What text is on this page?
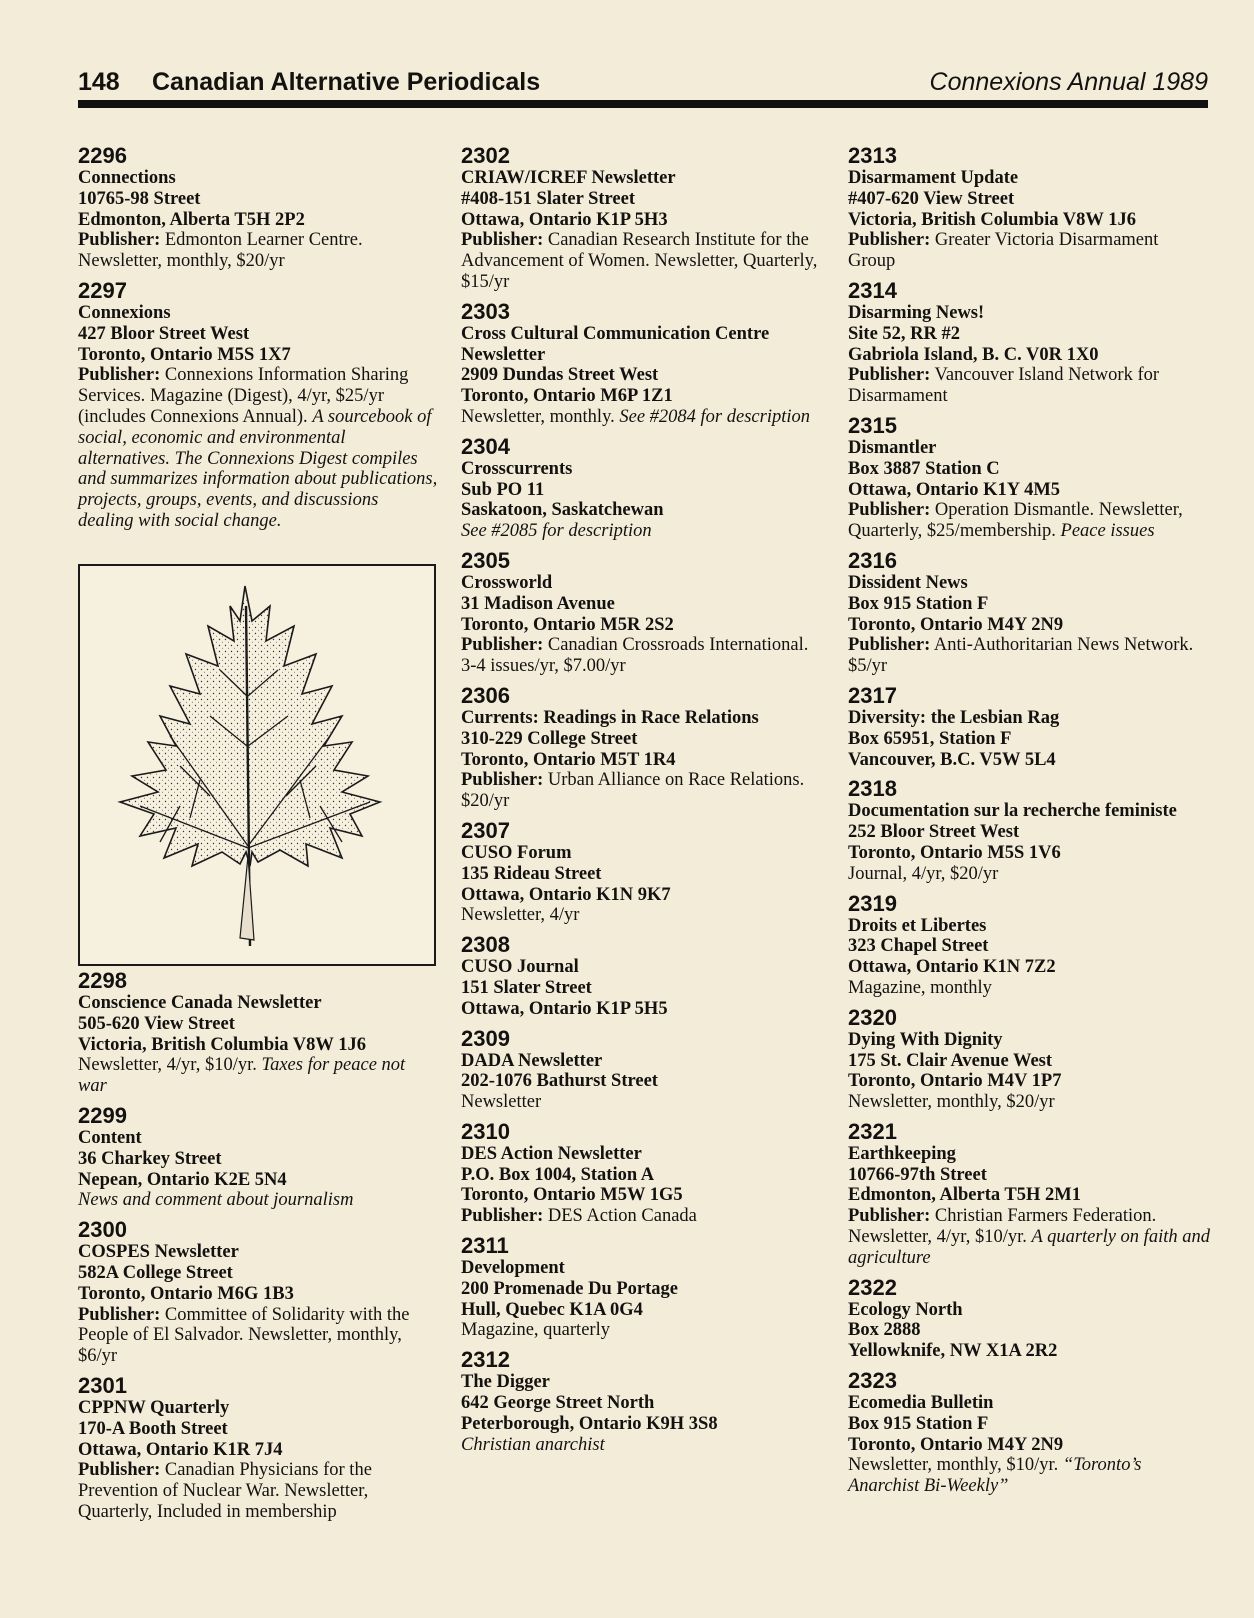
148 Canadian Alternative Periodicals	Connexions Annual 1989
2296
Connections
10765-98 Street
Edmonton, Alberta T5H 2P2
Publisher: Edmonton Learner Centre. Newsletter, monthly, $20/yr
2297
Connexions
427 Bloor Street West
Toronto, Ontario M5S 1X7
Publisher: Connexions Information Sharing Services. Magazine (Digest), 4/yr, $25/yr (includes Connexions Annual). A sourcebook of social, economic and environmental alternatives. The Connexions Digest compiles and summarizes information about publications, projects, groups, events, and discussions dealing with social change.
2298
Conscience Canada Newsletter
505-620 View Street
Victoria, British Columbia V8W 1J6
Newsletter, 4/yr, $10/yr. Taxes for peace not war
2299
Content
36 Charkey Street
Nepean, Ontario K2E 5N4
News and comment about journalism
2300
COSPES Newsletter
582A College Street
Toronto, Ontario M6G 1B3
Publisher: Committee of Solidarity with the People of El Salvador. Newsletter, monthly, $6/yr
2301
CPPNW Quarterly
170-A Booth Street
Ottawa, Ontario K1R 7J4
Publisher: Canadian Physicians for the Prevention of Nuclear War. Newsletter, Quarterly, Included in membership
2302
CRIAW/ICREF Newsletter
#408-151 Slater Street
Ottawa, Ontario K1P 5H3
Publisher: Canadian Research Institute for the Advancement of Women. Newsletter, Quarterly, $15/yr
2303
Cross Cultural Communication Centre Newsletter
2909 Dundas Street West
Toronto, Ontario M6P 1Z1
Newsletter, monthly. See #2084 for description
2304
Crosscurrents
Sub PO 11
Saskatoon, Saskatchewan
See #2085 for description
2305
Crossworld
31 Madison Avenue
Toronto, Ontario M5R 2S2
Publisher: Canadian Crossroads International. 3-4 issues/yr, $7.00/yr
2306
Currents: Readings in Race Relations
310-229 College Street
Toronto, Ontario M5T 1R4
Publisher: Urban Alliance on Race Relations. $20/yr
2307
CUSO Forum
135 Rideau Street
Ottawa, Ontario K1N 9K7
Newsletter, 4/yr
2308
CUSO Journal
151 Slater Street
Ottawa, Ontario K1P 5H5
2309
DADA Newsletter
202-1076 Bathurst Street
Newsletter
2310
DES Action Newsletter
P.O. Box 1004, Station A
Toronto, Ontario M5W 1G5
Publisher: DES Action Canada
2311
Development
200 Promenade Du Portage
Hull, Quebec K1A 0G4
Magazine, quarterly
2312
The Digger
642 George Street North
Peterborough, Ontario K9H 3S8
Christian anarchist
2313
Disarmament Update
#407-620 View Street
Victoria, British Columbia V8W 1J6
Publisher: Greater Victoria Disarmament Group
2314
Disarming News!
Site 52, RR #2
Gabriola Island, B. C. V0R 1X0
Publisher: Vancouver Island Network for Disarmament
2315
Dismantler
Box 3887 Station C
Ottawa, Ontario K1Y 4M5
Publisher: Operation Dismantle. Newsletter, Quarterly, $25/membership. Peace issues
2316
Dissident News
Box 915 Station F
Toronto, Ontario M4Y 2N9
Publisher: Anti-Authoritarian News Network. $5/yr
2317
Diversity: the Lesbian Rag
Box 65951, Station F
Vancouver, B.C. V5W 5L4
2318
Documentation sur la recherche feministe
252 Bloor Street West
Toronto, Ontario M5S 1V6
Journal, 4/yr, $20/yr
2319
Droits et Libertes
323 Chapel Street
Ottawa, Ontario K1N 7Z2
Magazine, monthly
2320
Dying With Dignity
175 St. Clair Avenue West
Toronto, Ontario M4V 1P7
Newsletter, monthly, $20/yr
2321
Earthkeeping
10766-97th Street
Edmonton, Alberta T5H 2M1
Publisher: Christian Farmers Federation. Newsletter, 4/yr, $10/yr. A quarterly on faith and agriculture
2322
Ecology North
Box 2888
Yellowknife, NW X1A 2R2
2323
Ecomedia Bulletin
Box 915 Station F
Toronto, Ontario M4Y 2N9
Newsletter, monthly, $10/yr. “Toronto’s Anarchist Bi-Weekly”
